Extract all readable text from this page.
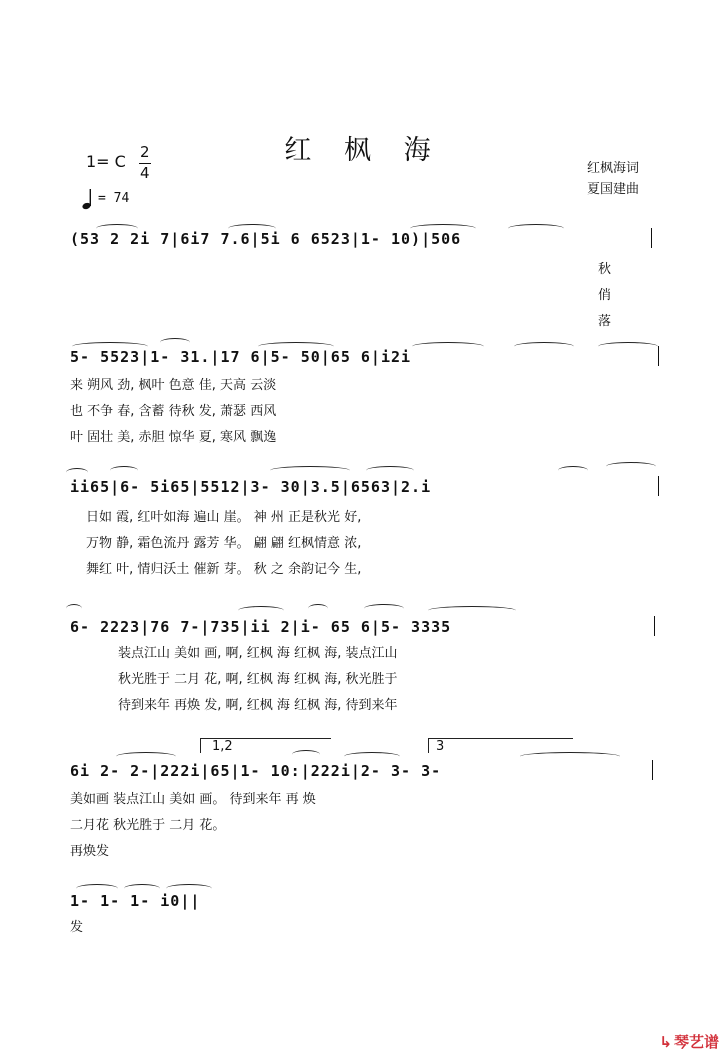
红 枫 海
1= C 2
4
= 74
红枫海词
夏国建曲
(53 2 2i 7|6i7 7.6|5i 6 6523|1- 10)|506
秋
俏
落
5- 5523|1- 31.|17 6|5- 50|65 6|i2i
来 朔风 劲, 枫叶 色意 佳, 天高 云淡
也 不争 春, 含蓄 待秋 发, 萧瑟 西风
叶 固壮 美, 赤胆 惊华 夏, 寒风 飘逸
ii65|6- 5i65|5512|3- 30|3.5|6563|2.i
日如 霞, 红叶如海 遍山 崖。 神 州 正是秋光 好,
万物 静, 霜色流丹 露芳 华。 翩 翩 红枫情意 浓,
舞红 叶, 情归沃土 催新 芽。 秋 之 余韵记今 生,
6- 2223|76 7-|735|ii 2|i- 65 6|5- 3335
装点江山 美如 画, 啊, 红枫 海 红枫 海, 装点江山
秋光胜于 二月 花, 啊, 红枫 海 红枫 海, 秋光胜于
待到来年 再焕 发, 啊, 红枫 海 红枫 海, 待到来年
1,2	3
6i 2- 2-|222i|65|1- 10:|222i|2- 3- 3-
美如画 装点江山 美如 画。 待到来年 再 焕
二月花 秋光胜于 二月 花。
再焕发
1- 1- 1- i0||
发
↳ 琴艺谱
